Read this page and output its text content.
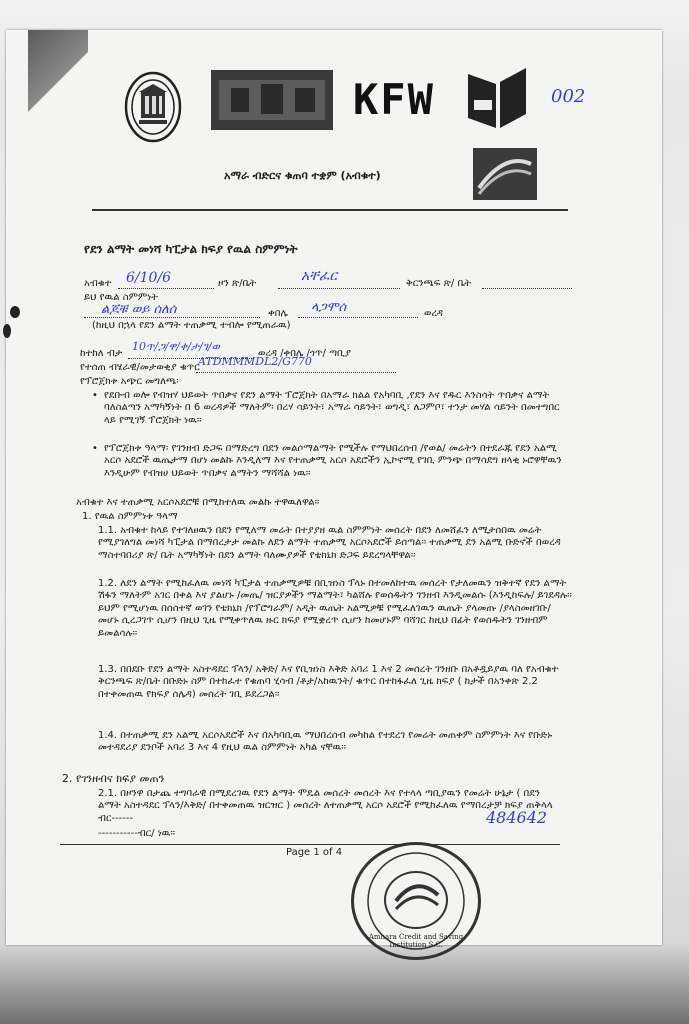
KFW	002
አማራ ብድርና ቁጠባ ተቋም (አብቁተ)
የደን ልማት መነሻ ካፒታል ክፍያ የዉል ስምምነት
አብቁተ 6/10/6	ዞን ጽ/ቤት	አቸፈር	ቅርንጫፍ ጽ/ ቤት
ይህ የዉል ስምምነት
ልጆቹ ወይ ሰለሰ	ቀበሌ ላጋሞሰ	ወረዳ
(ከዚህ በኋላ የደን ልማት ተጠቃሚ ተብሎ የሚጠራዉ)
ከተከለ ብታ
10ጥ/ጋ/ዋ/ቀ/ታ/ገ/ወ
ወረዳ /ቀበሌ /ጎጥ/ ጣቢያ
የተሰጠ ብሄራዊ/መታወቂያ ቁጥር
ATDMMMDL2/G770
የፕሮጀክቱ አጭር መግለጫ፡
• የደቡብ ወሎ የብዝሃ ህይወት ጥበቃና የደን ልማት ፕሮጀክት በአማራ ክልል የአካባቢ ,የደን እና የዱር እንስሳት ጥበቃና ልማት ባለስልጣን አማካኝነት በ 6 ወረዳዎች ማለትም፡ በረሃ ሳይንት፣ አማራ ሳይንት፣ ወግዲ፣ ለጋምቦ፣ ተንታ መሃል ሳይንት በመተግበር ላይ የሚገኝ ፕሮጀክት ነዉ፡፡
• የፕሮጀክቱ ዓላማ፡ የገንዘብ ድጋፍ በማድረግ በደን መልሶማልማት የሚችሉ የማህበረሰብ /የወል/ መሬትን በተደራጁ የደን አልሚ አርሶ አደሮች ዉጤታማ በሆነ መልኩ እንዲለማ እና የተጠቃሚ አርሶ አደሮችን ኢኮኖሚ የገቢ ምንጭ በማሳደግ ዘላቂ ኑሮዋቸዉን እንዲሁም የብዝሀ ህይወት ጥበቃና ልማትን ማሻሻል ነዉ፡፡
አብቁተ እና ተጠቃሚ አርሶአደሮቹ በሚከተለዉ መልኩ ተዋዉለዋል፡፡
1. የዉል ስምምነቱ ዓላማ
1.1. አብቁተ ከላይ የተገለፀዉን በደን የሚለማ መሬት በተያያዘ ዉል ስምምነት መሰረት በደን ለመሸፈን ለሚታሰበዉ መሬት የሚያገለግል መነሻ ካፒታል በማበረታታ መልኩ ለደን ልማት ተጠቃሚ አርሶአደሮች ይሰጣል፡፡ ተጠቃሚ ደን አልሚ ቡድኖች በወረዳ ማስተባበሪያ ጽ/ ቤት አማካኝነት በደን ልማት ባለሙያዎች የቴክኒክ ድጋፍ ይደረግላቸዋል፡፡
1.2. ለደን ልማት የሚከፈለዉ መነሻ ካፒታል ተጠቃሚዎቹ በቢዝነስ ፕላኑ በተመለከተዉ መሰረት የታለመዉን ዝቅተኛ የደን ልማት ሽፋን ማለትም አገር በቀል እና ያልሆኑ /መጤ/ ዝርያዎችን ማልማት፣ ካልሸሉ የወሰዱትን ገንዘብ እንዲመልሱ (እንዲከፍሉ/ ይገደዳሉ፡፡ ይህም የሚሆነዉ በሰሰተኛ ወገን የቴክኒክ /የፕሮግራም/ አዲት ዉጤት አልሚዎቹ የሚፈለገዉን ዉጤት ያላመጡ /ያላስመዘገቡ/ መሆኑ ሲረጋገጥ ሲሆን በዚህ ጊዜ የሚቀጥለዉ ዙር ክፍያ የሚቋረጥ ሲሆን ከመሆኑም ባሻገር ከዚህ በፊት የወሰዱትን ገንዘብም ይመልሳሉ፡፡
1.3. በበደቡ የደን ልማት አስተዳደር ፕላን/ አቅድ/ እና የቢዝነስ እቅድ አባሪ 1 እና 2 መሰረት ገንዘቡ በአቶዷይያዉ ባለ የአብቁተ ቅርንጫፍ ጽ/ቤት በቡድኑ ስም በተከፈተ የቁጠባ ሂሳብ /ቶታ/አከዉንት/ ቁጥር በተከፋፈለ ጊዜ ክፍያ ( ከታች በአንቀጽ 2.2 በተቀመጠዉ የክፍያ ሰሌዳ) መሰረት ገቢ ይደረጋል፡፡
1.4. በተጠቃሚ ደን አልሚ አርሶአደሮች እና በአካባቢዉ ማህበረሰብ መካከል የተደረገ የመሬት መጠቀም ስምምነት እና የቡድኑ መተዳደሪያ ደንቦች አባሪ 3 እና 4 የዚህ ዉል ስምምነት አካል ናቸዉ፡፡
2. የገንዘብና ክፍያ መጠን
2.1. በዞንዋ በታጨ ተግባራዊ በሚደረገዉ የደን ልማት ሞዴል መሰረት መሰረት እና የተላላ ጣቢያዉን የመሬት ሁኔታ ( በደን ልማት አስተዳደር ፕላን/እቅድ/ በተቀመጠዉ ዝርዝር ) መሰረት ለተጠቃሚ አርሶ አደሮች የሚከፈለዉ የማበረታቻ ክፍያ ጠቅላላ ብር------	484642
-----------ብር/ ነዉ፡፡
Page 1 of 4
Amhara Credit and Saving Institution S.C.
